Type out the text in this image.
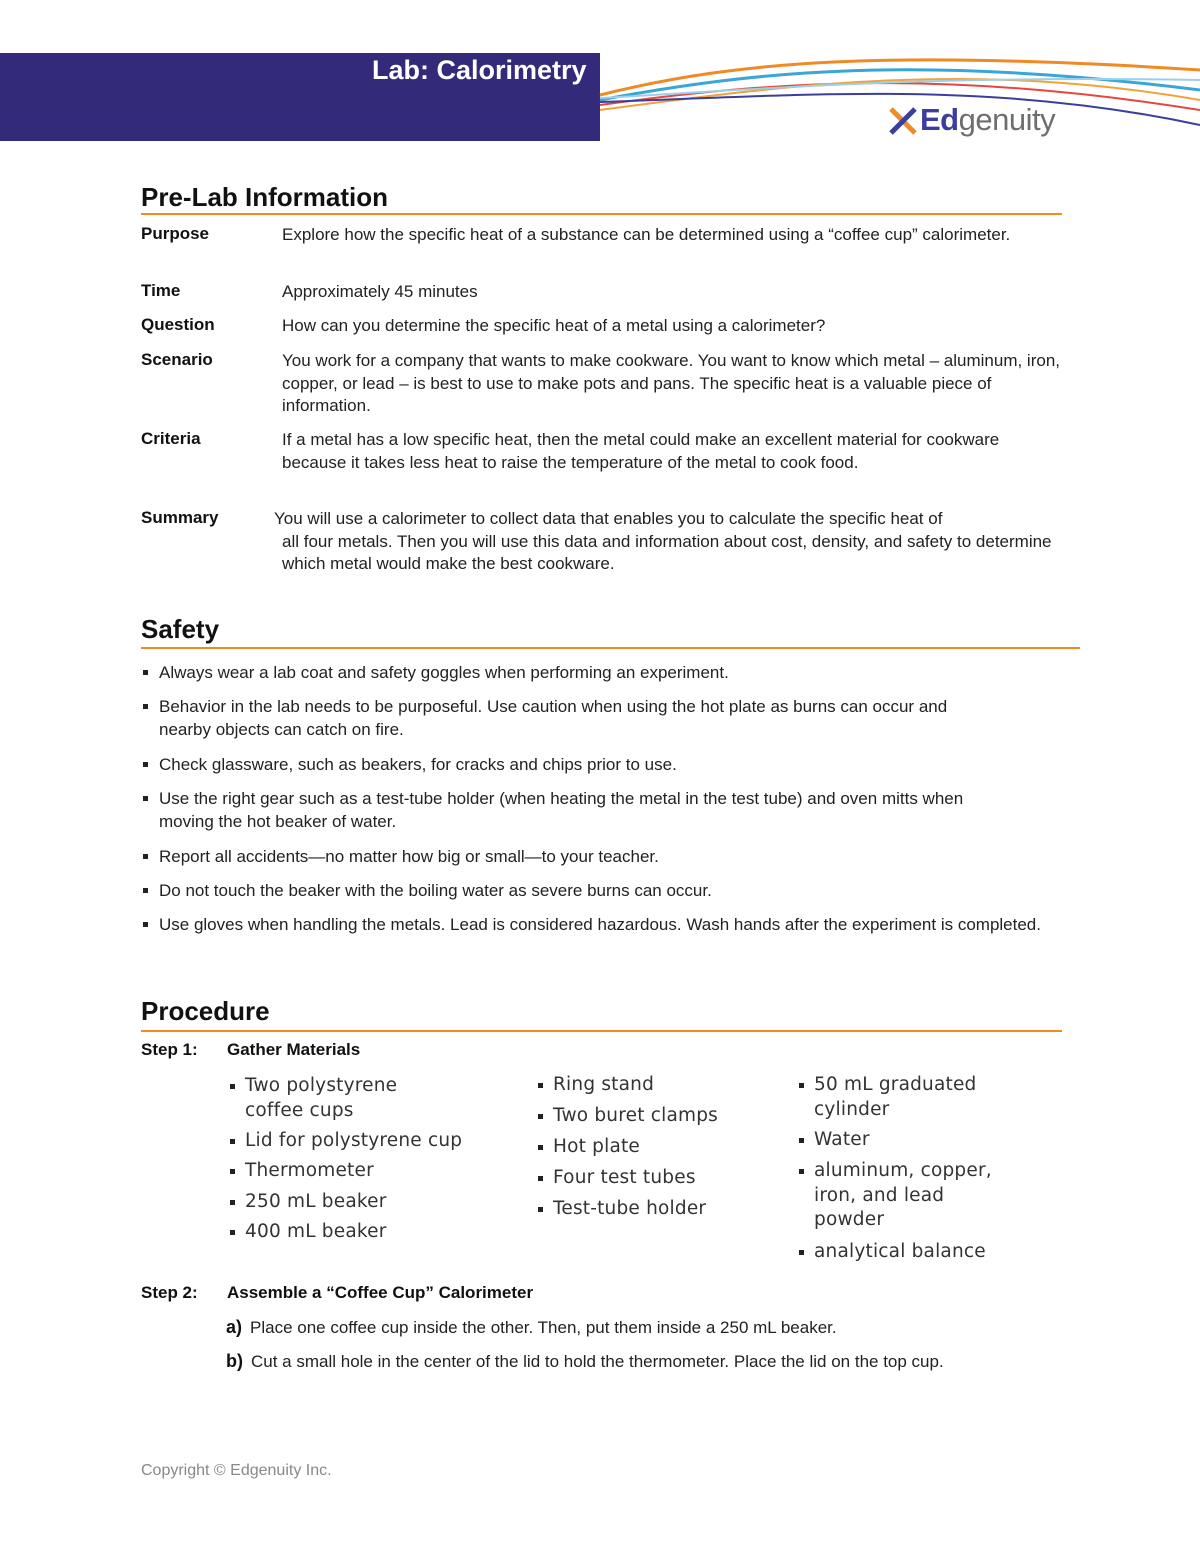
Lab: Calorimetry
Edgenuity
Pre-Lab Information
Purpose	Explore how the specific heat of a substance can be determined using a “coffee cup” calorimeter.
Time	Approximately 45 minutes
Question	How can you determine the specific heat of a metal using a calorimeter?
Scenario	You work for a company that wants to make cookware. You want to know which metal – aluminum, iron, copper, or lead – is best to use to make pots and pans. The specific heat is a valuable piece of information.
Criteria	If a metal has a low specific heat, then the metal could make an excellent material for cookware because it takes less heat to raise the temperature of the metal to cook food.
Summary	You will use a calorimeter to collect data that enables you to calculate the specific heat of
all four metals. Then you will use this data and information about cost, density, and safety to determine which metal would make the best cookware.
Safety
Always wear a lab coat and safety goggles when performing an experiment.
Behavior in the lab needs to be purposeful. Use caution when using the hot plate as burns can occur and nearby objects can catch on fire.
Check glassware, such as beakers, for cracks and chips prior to use.
Use the right gear such as a test-tube holder (when heating the metal in the test tube) and oven mitts when moving the hot beaker of water.
Report all accidents—no matter how big or small—to your teacher.
Do not touch the beaker with the boiling water as severe burns can occur.
Use gloves when handling the metals. Lead is considered hazardous. Wash hands after the experiment is completed.
Procedure
Step 1: Gather Materials
Two polystyrene coffee cups
Lid for polystyrene cup
Thermometer
250 mL beaker
400 mL beaker
Ring stand
Two buret clamps
Hot plate
Four test tubes
Test-tube holder
50 mL graduated cylinder
Water
aluminum, copper, iron, and lead powder
analytical balance
Step 2: Assemble a “Coffee Cup” Calorimeter
a) Place one coffee cup inside the other. Then, put them inside a 250 mL beaker.
b) Cut a small hole in the center of the lid to hold the thermometer. Place the lid on the top cup.
Copyright © Edgenuity Inc.
